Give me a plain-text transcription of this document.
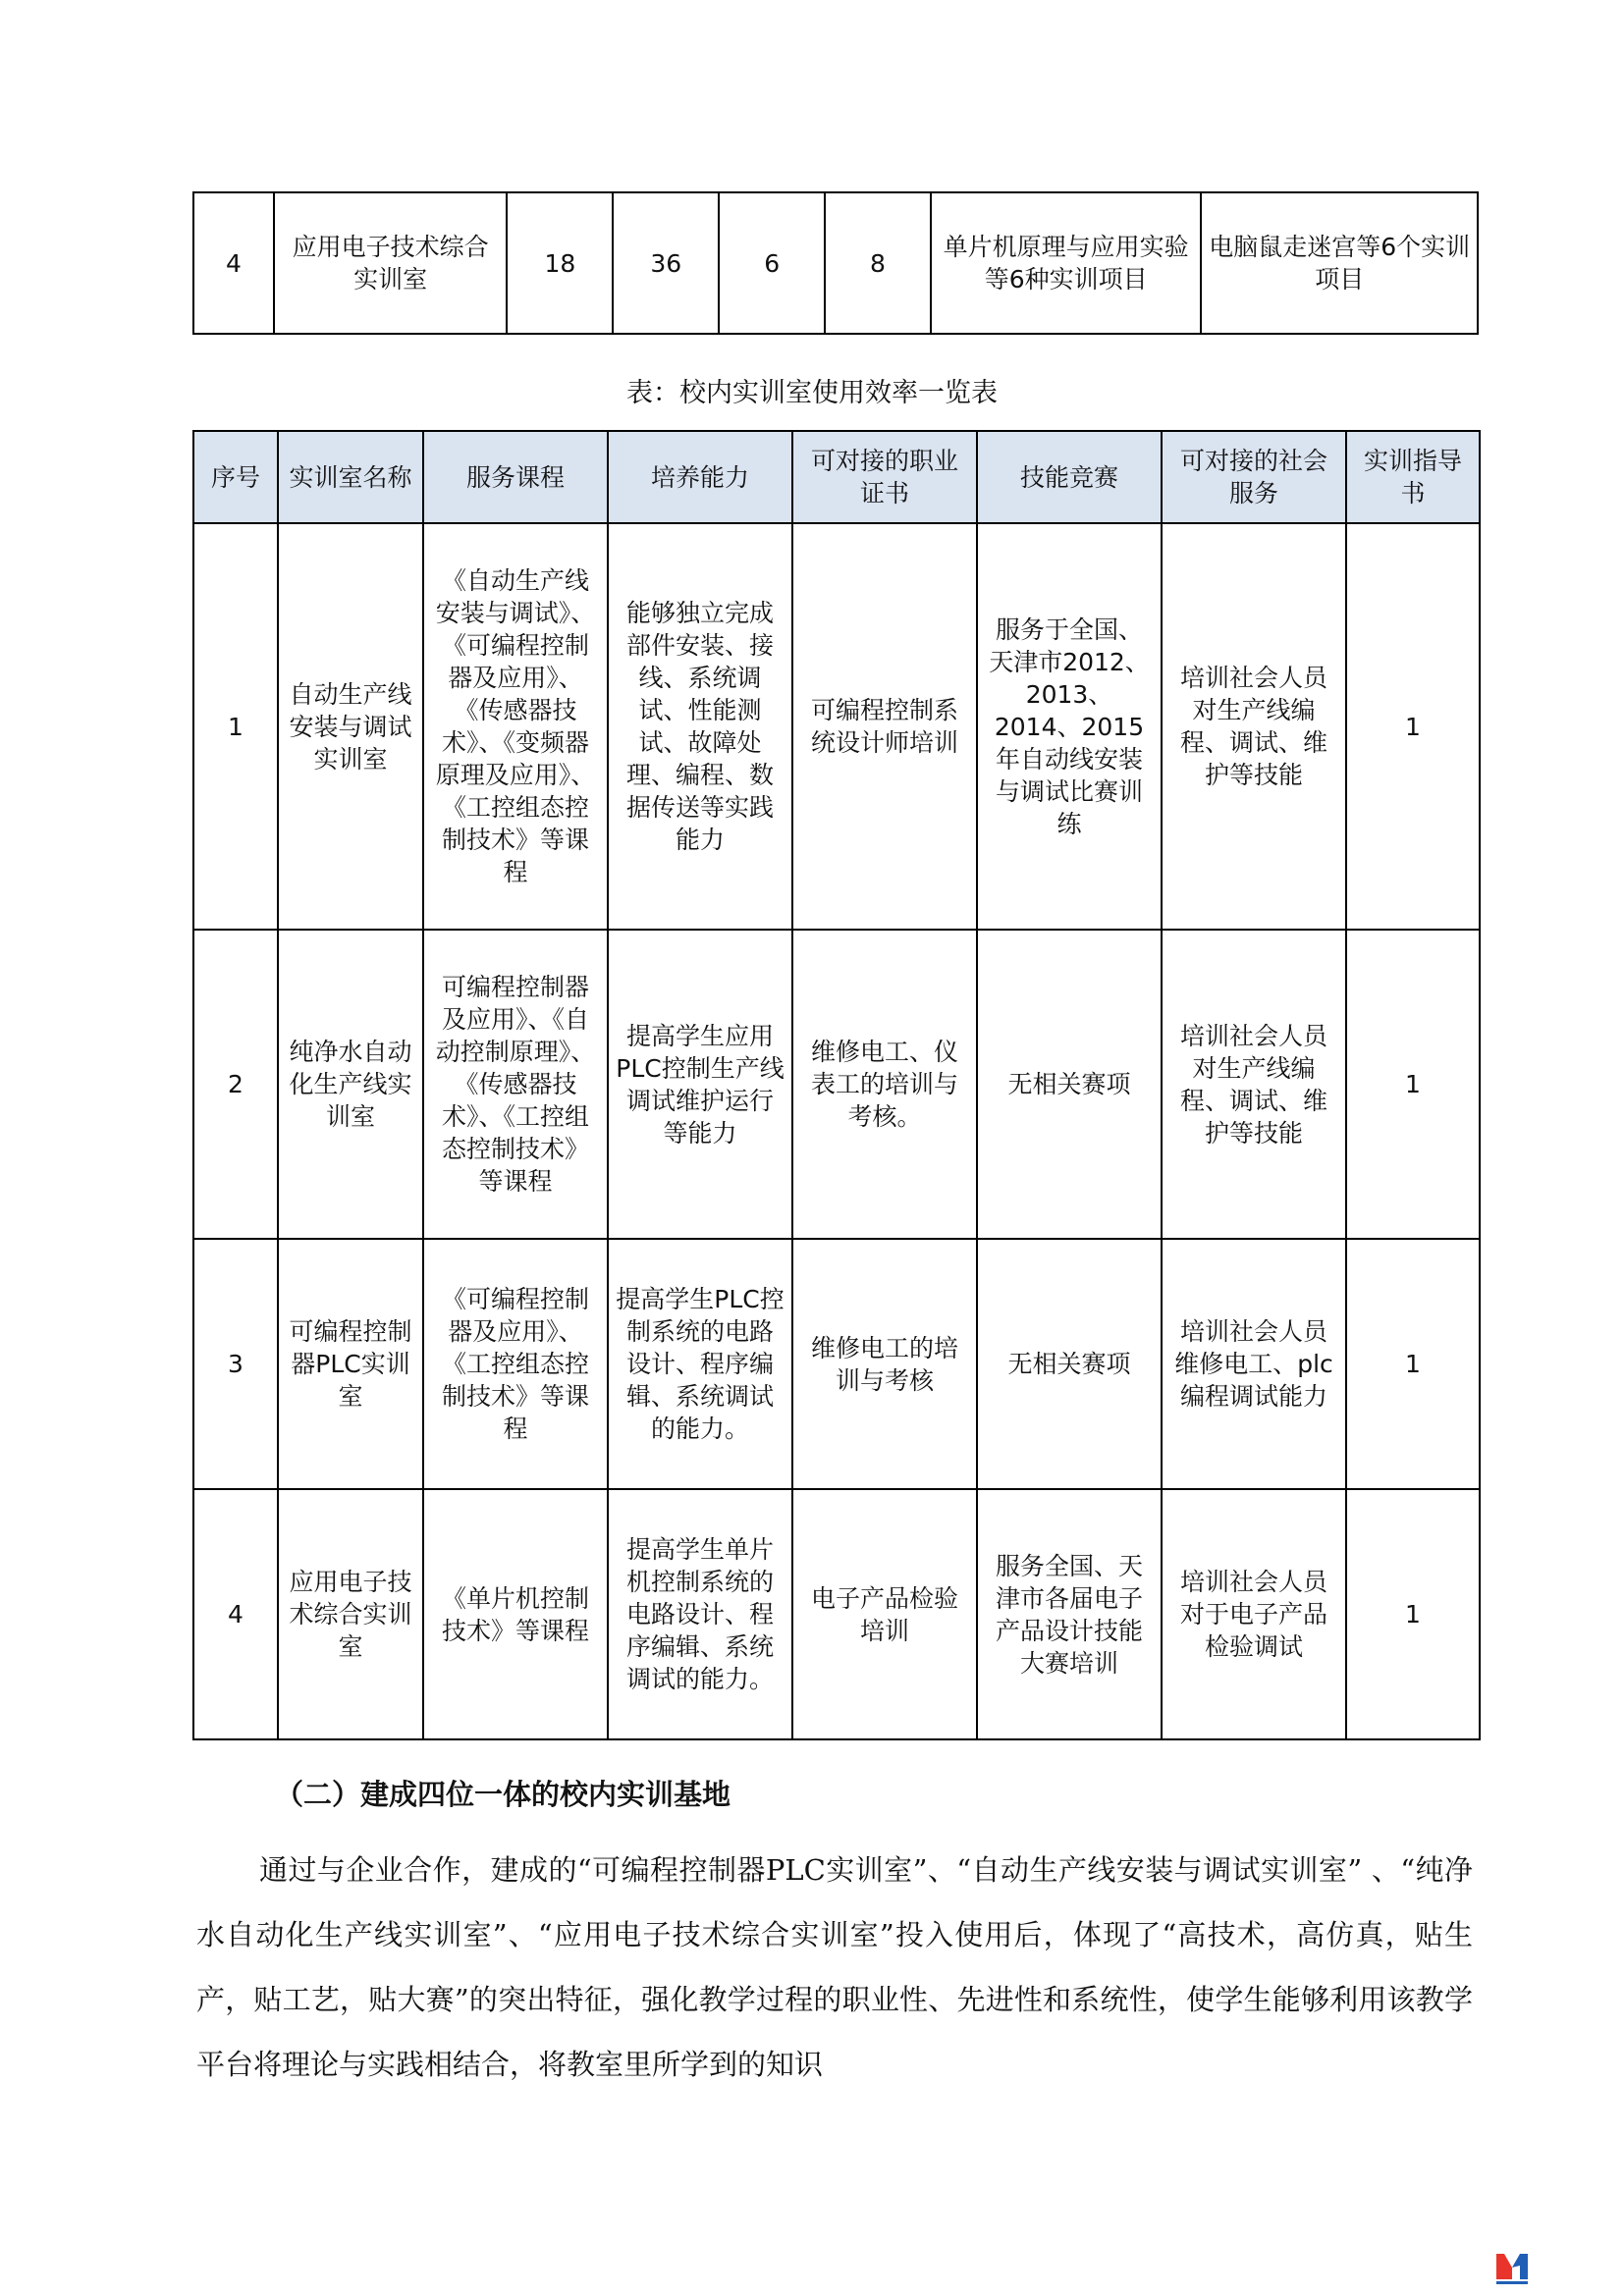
4	应用电子技术综合实训室	18	36	6	8	单片机原理与应用实验等6种实训项目	电脑鼠走迷宫等6个实训项目
表：校内实训室使用效率一览表
序号	实训室名称	服务课程	培养能力	可对接的职业证书	技能竞赛	可对接的社会服务	实训指导书
1	自动生产线安装与调试实训室	《自动生产线安装与调试》、《可编程控制器及应用》、《传感器技术》、《变频器原理及应用》、《工控组态控制技术》等课程	能够独立完成部件安装、接线、系统调试、性能测试、故障处理、编程、数据传送等实践能力	可编程控制系统设计师培训	服务于全国、天津市2012、2013、2014、2015年自动线安装与调试比赛训练	培训社会人员对生产线编程、调试、维护等技能	1
2	纯净水自动化生产线实训室	可编程控制器及应用》、《自动控制原理》、《传感器技术》、《工控组态控制技术》等课程	提高学生应用PLC控制生产线调试维护运行等能力	维修电工、仪表工的培训与考核。	无相关赛项	培训社会人员对生产线编程、调试、维护等技能	1
3	可编程控制器PLC实训室	《可编程控制器及应用》、《工控组态控制技术》等课程	提高学生PLC控制系统的电路设计、程序编辑、系统调试的能力。	维修电工的培训与考核	无相关赛项	培训社会人员维修电工、plc编程调试能力	1
4	应用电子技术综合实训室	《单片机控制技术》等课程	提高学生单片机控制系统的电路设计、程序编辑、系统调试的能力。	电子产品检验培训	服务全国、天津市各届电子产品设计技能大赛培训	培训社会人员对于电子产品检验调试	1
（二）建成四位一体的校内实训基地

通过与企业合作，建成的“可编程控制器PLC实训室”、“自动生产线安装与调试实训室” 、“纯净水自动化生产线实训室”、“应用电子技术综合实训室”投入使用后，体现了“高技术，高仿真，贴生产，贴工艺，贴大赛”的突出特征，强化教学过程的职业性、先进性和系统性，使学生能够利用该教学平台将理论与实践相结合，将教室里所学到的知识
